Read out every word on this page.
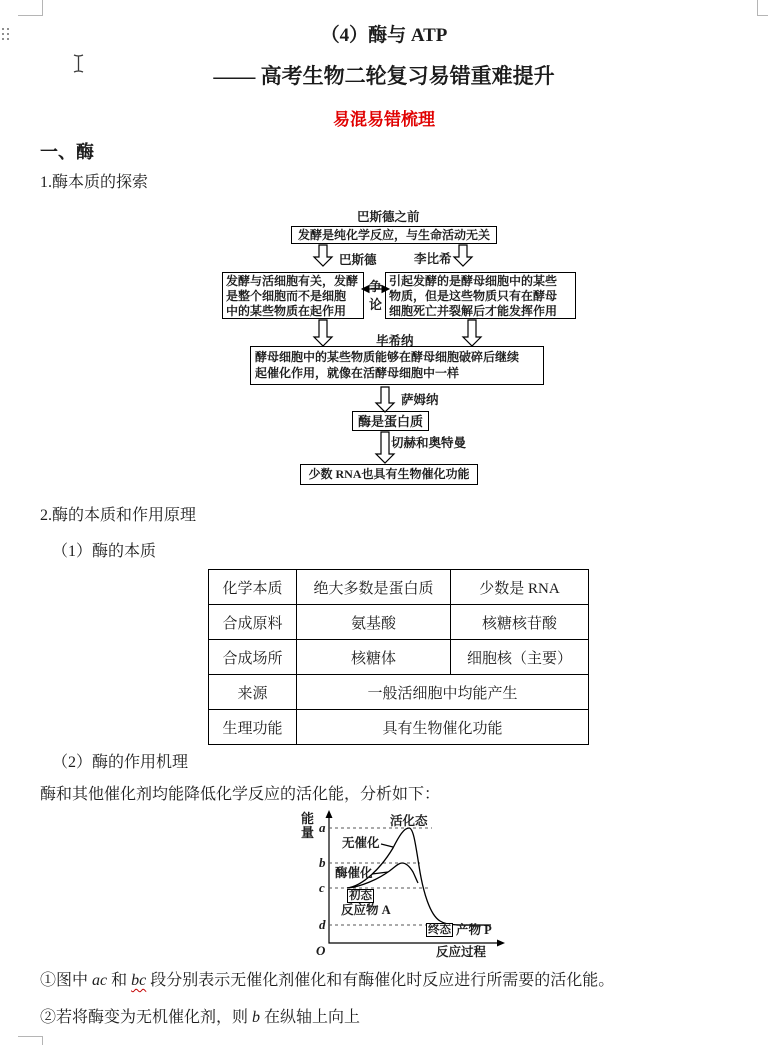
（4）酶与 ATP
—— 高考生物二轮复习易错重难提升
易混易错梳理
一、酶
1.酶本质的探索
巴斯德之前
发酵是纯化学反应，与生命活动无关
巴斯德	李比希
发酵与活细胞有关，发酵
是整个细胞而不是细胞
中的某些物质在起作用
争
论
引起发酵的是酵母细胞中的某些
物质，但是这些物质只有在酵母
细胞死亡并裂解后才能发挥作用
毕希纳
酵母细胞中的某些物质能够在酵母细胞破碎后继续
起催化作用，就像在活酵母细胞中一样
萨姆纳
酶是蛋白质
切赫和奥特曼
少数 RNA也具有生物催化功能
2.酶的本质和作用原理
（1）酶的本质
化学本质	绝大多数是蛋白质	少数是 RNA
合成原料	氨基酸	核糖核苷酸
合成场所	核糖体	细胞核（主要）
来源	一般活细胞中均能产生	
生理功能	具有生物催化功能	
（2）酶的作用机理
酶和其他催化剂均能降低化学反应的活化能，分析如下：
能量 a
b
c
d
O
活化态
无催化
酶催化
初态
反应物 A
终态 产物 P
反应过程
①图中 ac 和 bc 段分别表示无催化剂催化和有酶催化时反应进行所需要的活化能。
②若将酶变为无机催化剂，则 b 在纵轴上向上
